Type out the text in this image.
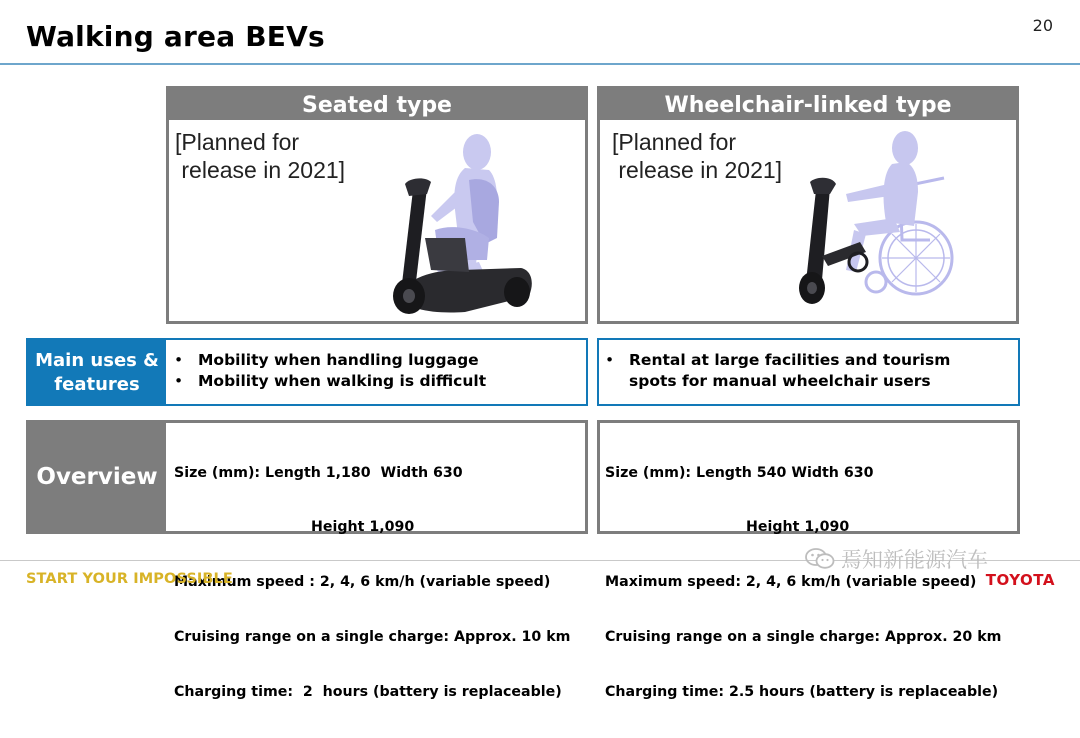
Walking area BEVs	20
Seated type
[Planned for
release in 2021]
Wheelchair-linked type
[Planned for
release in 2021]
Main uses &
features
• Mobility when handling luggage
• Mobility when walking is difficult
• Rental at large facilities and tourism
spots for manual wheelchair users
Overview

	Size (mm): Length 1,180  Width 630

Height 1,090

Maximum speed : 2, 4, 6 km/h (variable speed)

Cruising range on a single charge: Approx. 10 km

Charging time:  2  hours (battery is replaceable)

Size (mm): Length 540 Width 630

Height 1,090

Maximum speed: 2, 4, 6 km/h (variable speed)

Cruising range on a single charge: Approx. 20 km

Charging time: 2.5 hours (battery is replaceable)

START YOUR IMPOSSIBLE
焉知新能源汽车
TOYOTA
